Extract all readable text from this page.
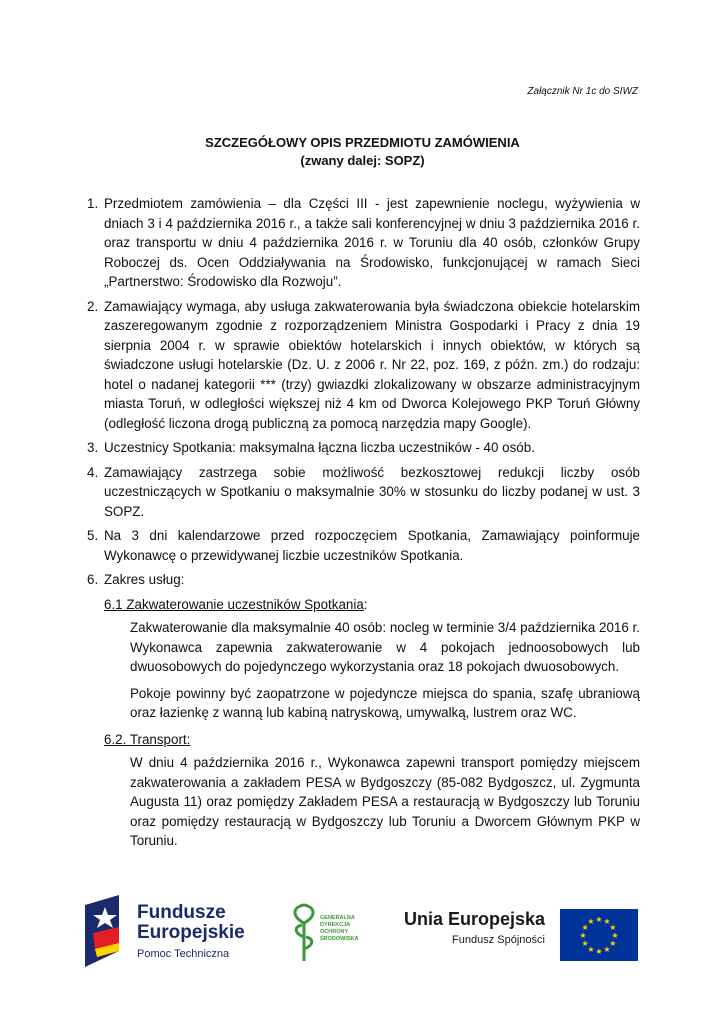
Załącznik Nr 1c do SIWZ
SZCZEGÓŁOWY OPIS PRZEDMIOTU ZAMÓWIENIA
(zwany dalej: SOPZ)
1. Przedmiotem zamówienia – dla Części III - jest zapewnienie noclegu, wyżywienia w dniach 3 i 4 października 2016 r., a także sali konferencyjnej w dniu 3 października 2016 r. oraz transportu w dniu 4 października 2016 r. w Toruniu dla 40 osób, członków Grupy Roboczej ds. Ocen Oddziaływania na Środowisko, funkcjonującej w ramach Sieci „Partnerstwo: Środowisko dla Rozwoju”.
2. Zamawiający wymaga, aby usługa zakwaterowania była świadczona obiekcie hotelarskim zaszeregowanym zgodnie z rozporządzeniem Ministra Gospodarki i Pracy z dnia 19 sierpnia 2004 r. w sprawie obiektów hotelarskich i innych obiektów, w których są świadczone usługi hotelarskie (Dz. U. z 2006 r. Nr 22, poz. 169, z późn. zm.) do rodzaju: hotel o nadanej kategorii *** (trzy) gwiazdki zlokalizowany w obszarze administracyjnym miasta Toruń, w odległości większej niż 4 km od Dworca Kolejowego PKP Toruń Główny (odległość liczona drogą publiczną za pomocą narzędzia mapy Google).
3. Uczestnicy Spotkania: maksymalna łączna liczba uczestników - 40 osób.
4. Zamawiający zastrzega sobie możliwość bezkosztowej redukcji liczby osób uczestniczących w Spotkaniu o maksymalnie 30% w stosunku do liczby podanej w ust. 3 SOPZ.
5. Na 3 dni kalendarzowe przed rozpoczęciem Spotkania, Zamawiający poinformuje Wykonawcę o przewidywanej liczbie uczestników Spotkania.
6. Zakres usług:
6.1 Zakwaterowanie uczestników Spotkania:
Zakwaterowanie dla maksymalnie 40 osób: nocleg w terminie 3/4 października 2016 r. Wykonawca zapewnia zakwaterowanie w 4 pokojach jednoosobowych lub dwuosobowych do pojedynczego wykorzystania oraz 18 pokojach dwuosobowych.
Pokoje powinny być zaopatrzone w pojedyncze miejsca do spania, szafę ubraniową oraz łazienkę z wanną lub kabiną natryskową, umywalką, lustrem oraz WC.
6.2. Transport:
W dniu 4 października 2016 r., Wykonawca zapewni transport pomiędzy miejscem zakwaterowania a zakładem PESA w Bydgoszczy (85-082 Bydgoszcz, ul. Zygmunta Augusta 11) oraz pomiędzy Zakładem PESA a restauracją w Bydgoszczy lub Toruniu oraz pomiędzy restauracją w Bydgoszczy lub Toruniu a Dworcem Głównym PKP w Toruniu.
Fundusze
Europejskie
Pomoc Techniczna
GENERALNA
DYREKCJA
OCHRONY
ŚRODOWISKA
Unia Europejska
Fundusz Spójności
★ ★
★
★
★
★
★
★
★
★
★
★
